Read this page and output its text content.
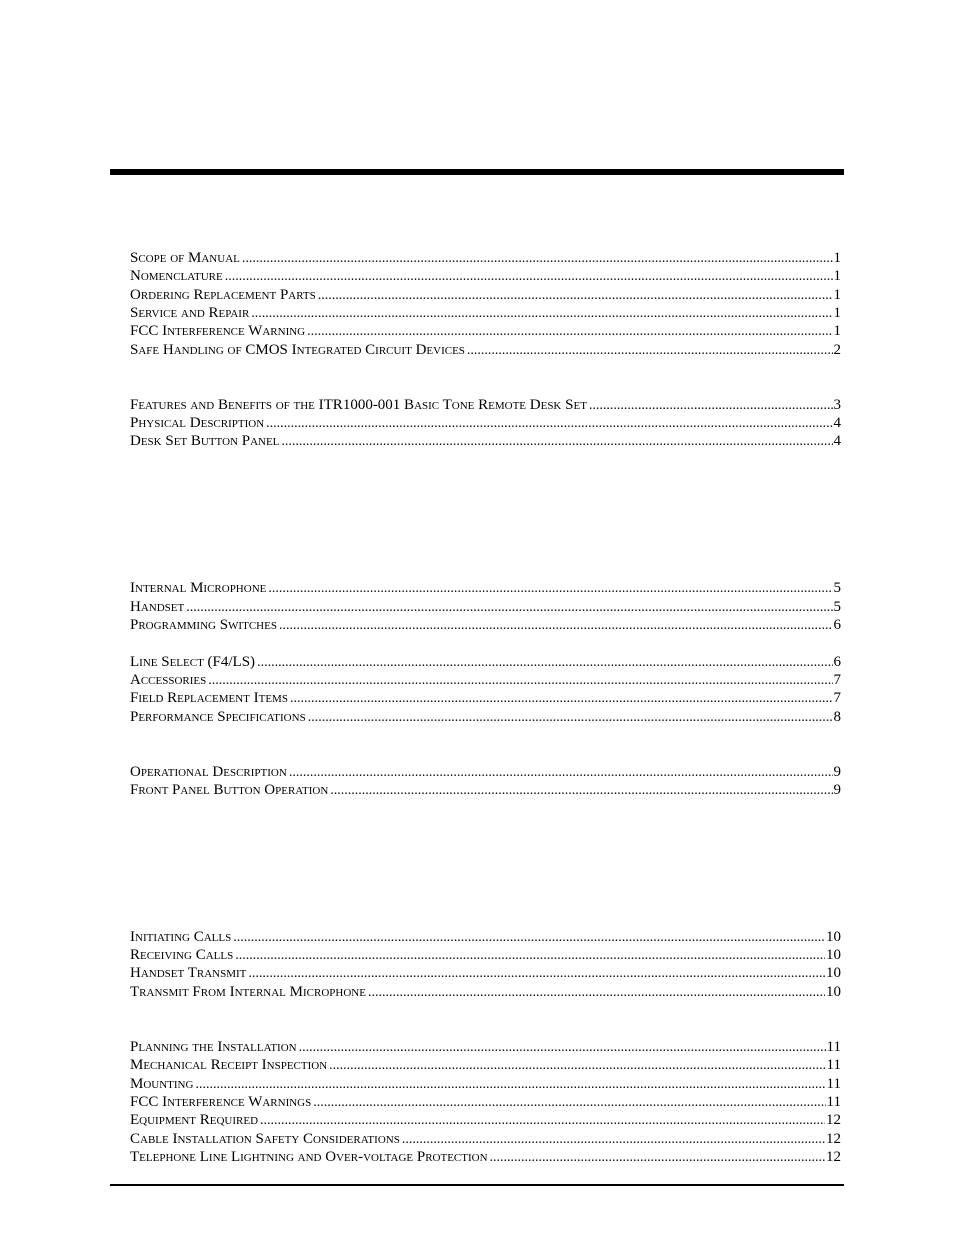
Scope of Manual .....	1
Nomenclature .....	1
Ordering Replacement Parts .....	1
Service and Repair .....	1
FCC Interference Warning .....	1
Safe Handling of CMOS Integrated Circuit Devices .....	2
Features and Benefits of the ITR1000-001 Basic Tone Remote Desk Set .....	3
Physical Description .....	4
Desk Set Button Panel .....	4
Internal Microphone .....	5
Handset .....	5
Programming Switches .....	6
Line Select (F4/LS) .....	6
Accessories .....	7
Field Replacement Items .....	7
Performance Specifications .....	8
Operational Description .....	9
Front Panel Button Operation .....	9
Initiating Calls .....	10
Receiving Calls .....	10
Handset Transmit .....	10
Transmit From Internal Microphone .....	10
Planning the Installation .....	11
Mechanical Receipt Inspection .....	11
Mounting .....	11
FCC Interference Warnings .....	11
Equipment Required .....	12
Cable Installation Safety Considerations .....	12
Telephone Line Lightning and Over-voltage Protection .....	12
